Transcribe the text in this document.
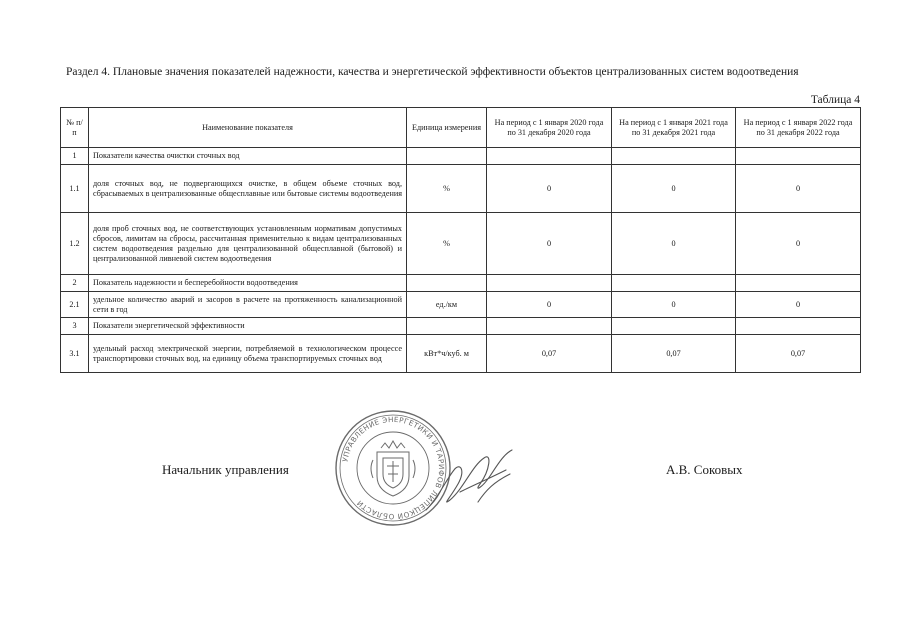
Раздел 4. Плановые значения показателей надежности, качества и энергетической эффективности объектов централизованных систем водоотведения
Таблица 4
№ п/п	Наименование показателя	Единица измерения	На период с 1 января 2020 года по 31 декабря 2020 года	На период с 1 января 2021 года по 31 декабря 2021 года	На период с 1 января 2022 года по 31 декабря 2022 года
1	Показатели качества очистки сточных вод				
1.1	доля сточных вод, не подвергающихся очистке, в общем объеме сточных вод, сбрасываемых в централизованные общесплавные или бытовые системы водоотведения	%	0	0	0
1.2	доля проб сточных вод, не соответствующих установленным нормативам допустимых сбросов, лимитам на сбросы, рассчитанная применительно к видам централизованных систем водоотведения раздельно для централизованной общесплавной (бытовой) и централизованной ливневой систем водоотведения	%	0	0	0
2	Показатель надежности и бесперебойности водоотведения				
2.1	удельное количество аварий и засоров в расчете на протяженность канализационной сети в год	ед./км	0	0	0
3	Показатели энергетической эффективности				
3.1	удельный расход электрической энергии, потребляемой в технологическом процессе транспортировки сточных вод, на единицу объема транспортируемых сточных вод	кВт*ч/куб. м	0,07	0,07	0,07
Начальник управления
УПРАВЛЕНИЕ ЭНЕРГЕТИКИ И ТАРИФОВ ЛИПЕЦКОЙ ОБЛАСТИ
А.В. Соковых
